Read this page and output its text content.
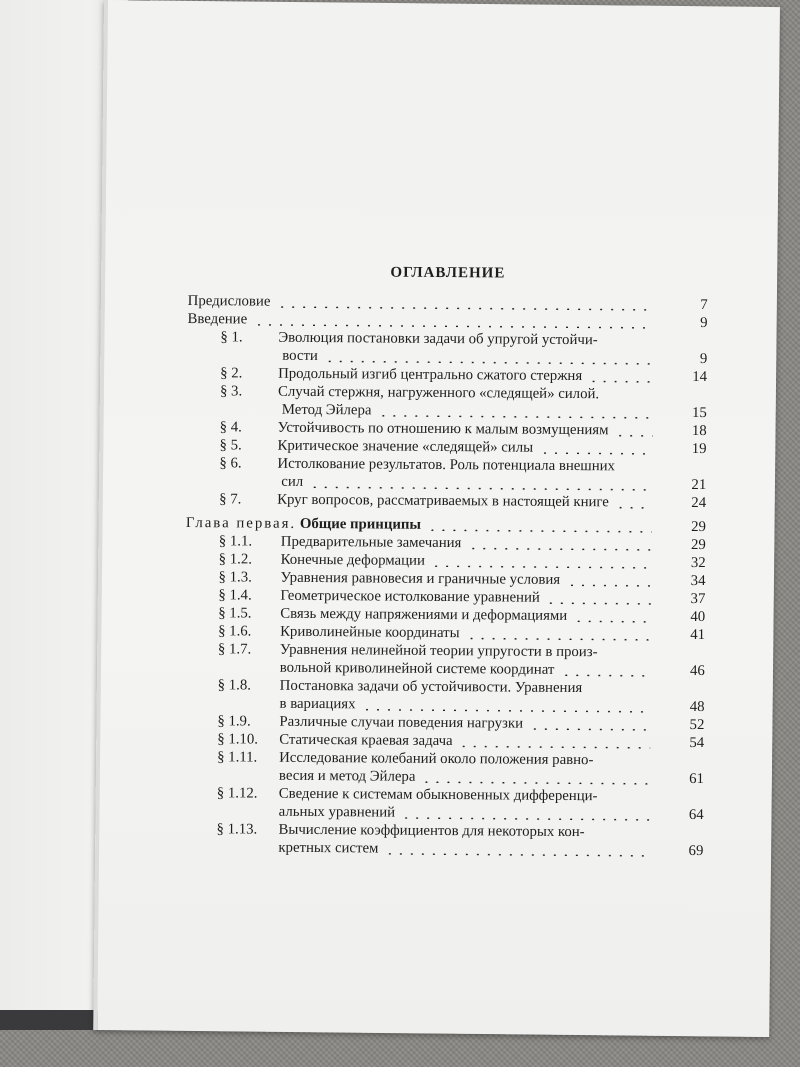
ОГЛАВЛЕНИЕ
Предисловие	7
Введение	9
§ 1. Эволюция постановки задачи об упругой устойчи-
вости	9
§ 2.	Продольный изгиб центрально сжатого стержня	14
§ 3. Случай стержня, нагруженного «следящей» силой.
Метод Эйлера	15
§ 4.	Устойчивость по отношению к малым возмущениям	18
§ 5.	Критическое значение «следящей» силы	19
§ 6. Истолкование результатов. Роль потенциала внешних
сил	21
§ 7.	Круг вопросов, рассматриваемых в настоящей книге	24
Глава первая. Общие принципы	29
§ 1.1.	Предварительные замечания	29
§ 1.2.	Конечные деформации	32
§ 1.3.	Уравнения равновесия и граничные условия	34
§ 1.4.	Геометрическое истолкование уравнений	37
§ 1.5.	Связь между напряжениями и деформациями	40
§ 1.6.	Криволинейные координаты	41
§ 1.7. Уравнения нелинейной теории упругости в произ-
вольной криволинейной системе координат	46
§ 1.8. Постановка задачи об устойчивости. Уравнения
в вариациях	48
§ 1.9.	Различные случаи поведения нагрузки	52
§ 1.10.	Статическая краевая задача	54
§ 1.11. Исследование колебаний около положения равно-
весия и метод Эйлера	61
§ 1.12. Сведение к системам обыкновенных дифференци-
альных уравнений	64
§ 1.13. Вычисление коэффициентов для некоторых кон-
кретных систем	69
